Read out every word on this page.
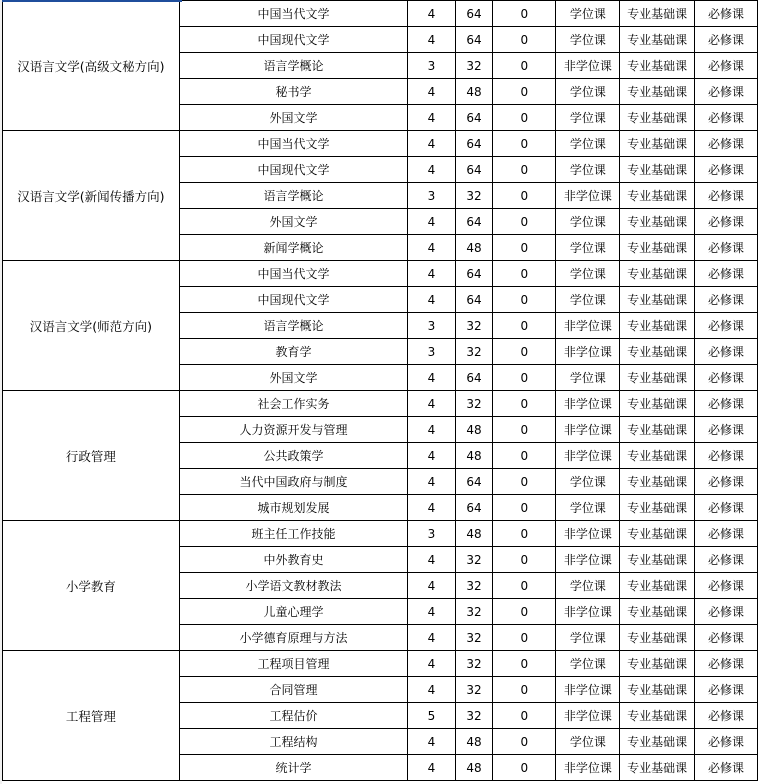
汉语言文学(高级文秘方向)	中国当代文学	4	64	0	学位课	专业基础课	必修课
	中国现代文学	4	64	0	学位课	专业基础课	必修课
	语言学概论	3	32	0	非学位课	专业基础课	必修课
	秘书学	4	48	0	学位课	专业基础课	必修课
	外国文学	4	64	0	学位课	专业基础课	必修课
汉语言文学(新闻传播方向)	中国当代文学	4	64	0	学位课	专业基础课	必修课
	中国现代文学	4	64	0	学位课	专业基础课	必修课
	语言学概论	3	32	0	非学位课	专业基础课	必修课
	外国文学	4	64	0	学位课	专业基础课	必修课
	新闻学概论	4	48	0	学位课	专业基础课	必修课
汉语言文学(师范方向)	中国当代文学	4	64	0	学位课	专业基础课	必修课
	中国现代文学	4	64	0	学位课	专业基础课	必修课
	语言学概论	3	32	0	非学位课	专业基础课	必修课
	教育学	3	32	0	非学位课	专业基础课	必修课
	外国文学	4	64	0	学位课	专业基础课	必修课
行政管理	社会工作实务	4	32	0	非学位课	专业基础课	必修课
	人力资源开发与管理	4	48	0	非学位课	专业基础课	必修课
	公共政策学	4	48	0	非学位课	专业基础课	必修课
	当代中国政府与制度	4	64	0	学位课	专业基础课	必修课
	城市规划发展	4	64	0	学位课	专业基础课	必修课
小学教育	班主任工作技能	3	48	0	非学位课	专业基础课	必修课
	中外教育史	4	32	0	非学位课	专业基础课	必修课
	小学语文教材教法	4	32	0	学位课	专业基础课	必修课
	儿童心理学	4	32	0	非学位课	专业基础课	必修课
	小学德育原理与方法	4	32	0	学位课	专业基础课	必修课
工程管理	工程项目管理	4	32	0	学位课	专业基础课	必修课
	合同管理	4	32	0	非学位课	专业基础课	必修课
	工程估价	5	32	0	非学位课	专业基础课	必修课
	工程结构	4	48	0	学位课	专业基础课	必修课
	统计学	4	48	0	非学位课	专业基础课	必修课
